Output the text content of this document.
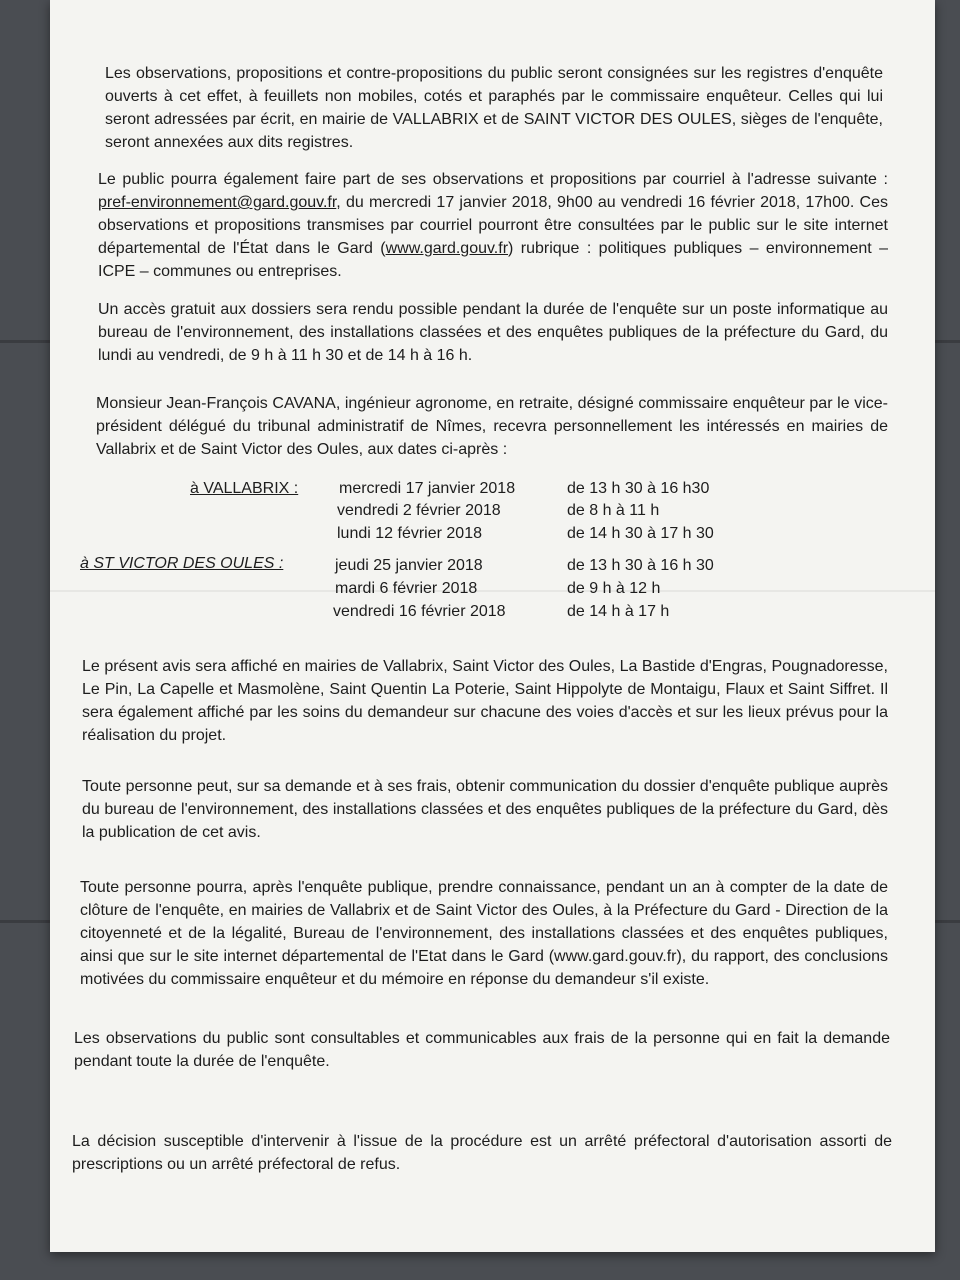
Les observations, propositions et contre-propositions du public seront consignées sur les registres d'enquête ouverts à cet effet, à feuillets non mobiles, cotés et paraphés par le commissaire enquêteur. Celles qui lui seront adressées par écrit, en mairie de VALLABRIX et de SAINT VICTOR DES OULES, sièges de l'enquête, seront annexées aux dits registres.

Le public pourra également faire part de ses observations et propositions par courriel à l'adresse suivante : pref-environnement@gard.gouv.fr, du mercredi 17 janvier 2018, 9h00 au vendredi 16 février 2018, 17h00. Ces observations et propositions transmises par courriel pourront être consultées par le public sur le site internet départemental de l'État dans le Gard (www.gard.gouv.fr) rubrique : politiques publiques – environnement – ICPE – communes ou entreprises.

Un accès gratuit aux dossiers sera rendu possible pendant la durée de l'enquête sur un poste informatique au bureau de l'environnement, des installations classées et des enquêtes publiques de la préfecture du Gard, du lundi au vendredi, de 9 h à 11 h 30 et de 14 h à 16 h.

Monsieur Jean-François CAVANA, ingénieur agronome, en retraite, désigné commissaire enquêteur par le vice-président délégué du tribunal administratif de Nîmes, recevra personnellement les intéressés en mairies de Vallabrix et de Saint Victor des Oules, aux dates ci-après :

à VALLABRIX :	mercredi 17 janvier 2018	de 13 h 30 à 16 h30
vendredi 2 février 2018	de 8 h à 11 h
lundi 12 février 2018	de 14 h 30 à 17 h 30
à ST VICTOR DES OULES :	jeudi 25 janvier 2018	de 13 h 30 à 16 h 30
mardi 6 février 2018	de 9 h à 12 h
vendredi 16 février 2018	de 14 h à 17 h

Le présent avis sera affiché en mairies de Vallabrix, Saint Victor des Oules, La Bastide d'Engras, Pougnadoresse, Le Pin, La Capelle et Masmolène, Saint Quentin La Poterie, Saint Hippolyte de Montaigu, Flaux et Saint Siffret. Il sera également affiché par les soins du demandeur sur chacune des voies d'accès et sur les lieux prévus pour la réalisation du projet.

Toute personne peut, sur sa demande et à ses frais, obtenir communication du dossier d'enquête publique auprès du bureau de l'environnement, des installations classées et des enquêtes publiques de la préfecture du Gard, dès la publication de cet avis.

Toute personne pourra, après l'enquête publique, prendre connaissance, pendant un an à compter de la date de clôture de l'enquête, en mairies de Vallabrix et de Saint Victor des Oules, à la Préfecture du Gard - Direction de la citoyenneté et de la légalité, Bureau de l'environnement, des installations classées et des enquêtes publiques, ainsi que sur le site internet départemental de l'Etat dans le Gard (www.gard.gouv.fr), du rapport, des conclusions motivées du commissaire enquêteur et du mémoire en réponse du demandeur s'il existe.

Les observations du public sont consultables et communicables aux frais de la personne qui en fait la demande pendant toute la durée de l'enquête.

La décision susceptible d'intervenir à l'issue de la procédure est un arrêté préfectoral d'autorisation assorti de prescriptions ou un arrêté préfectoral de refus.
